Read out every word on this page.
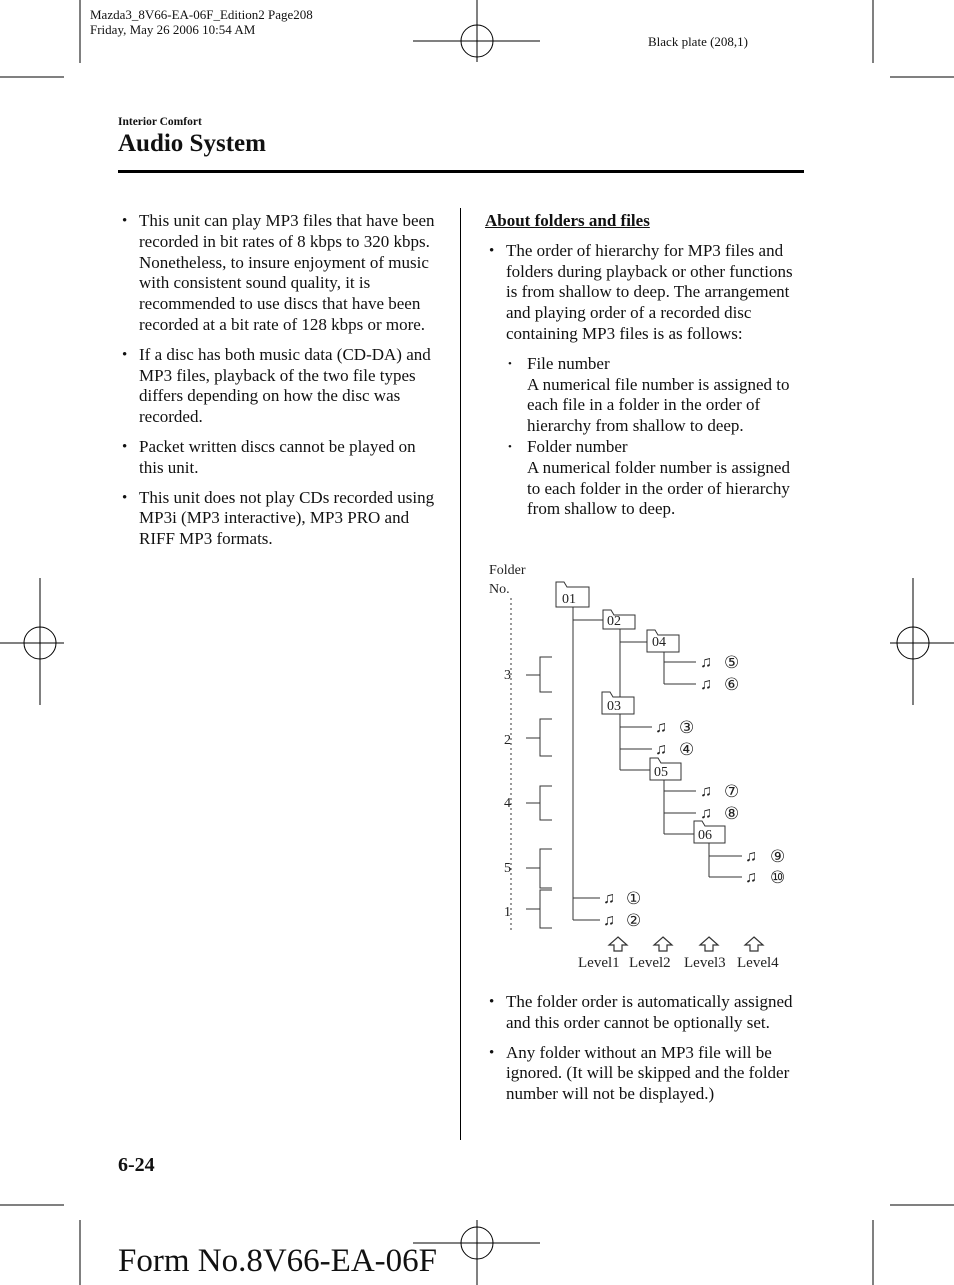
Mazda3_8V66-EA-06F_Edition2 Page208
Friday, May 26 2006 10:54 AM
Black plate (208,1)
Interior Comfort
Audio System
• This unit can play MP3 files that have been recorded in bit rates of 8 kbps to 320 kbps. Nonetheless, to insure enjoyment of music with consistent sound quality, it is recommended to use discs that have been recorded at a bit rate of 128 kbps or more.
• If a disc has both music data (CD-DA) and MP3 files, playback of the two file types differs depending on how the disc was recorded.
• Packet written discs cannot be played on this unit.
• This unit does not play CDs recorded using MP3i (MP3 interactive), MP3 PRO and RIFF MP3 formats.
About folders and files
• The order of hierarchy for MP3 files and folders during playback or other functions is from shallow to deep. The arrangement and playing order of a recorded disc containing MP3 files is as follows:
• File number
A numerical file number is assigned to each file in a folder in the order of hierarchy from shallow to deep.
• Folder number
A numerical folder number is assigned to each folder in the order of hierarchy from shallow to deep.
Folder
No.
3
2
4
5
1
01
02
04
03
05
06
♫
♫
♫
♫
♫
♫
♫
♫
♫
♫
⑤
⑥
③
④
⑦
⑧
⑨
⑩
①
②
Level1 Level2 Level3 Level4
• The folder order is automatically assigned and this order cannot be optionally set.
• Any folder without an MP3 file will be ignored. (It will be skipped and the folder number will not be displayed.)
6-24
Form No.8V66-EA-06F
